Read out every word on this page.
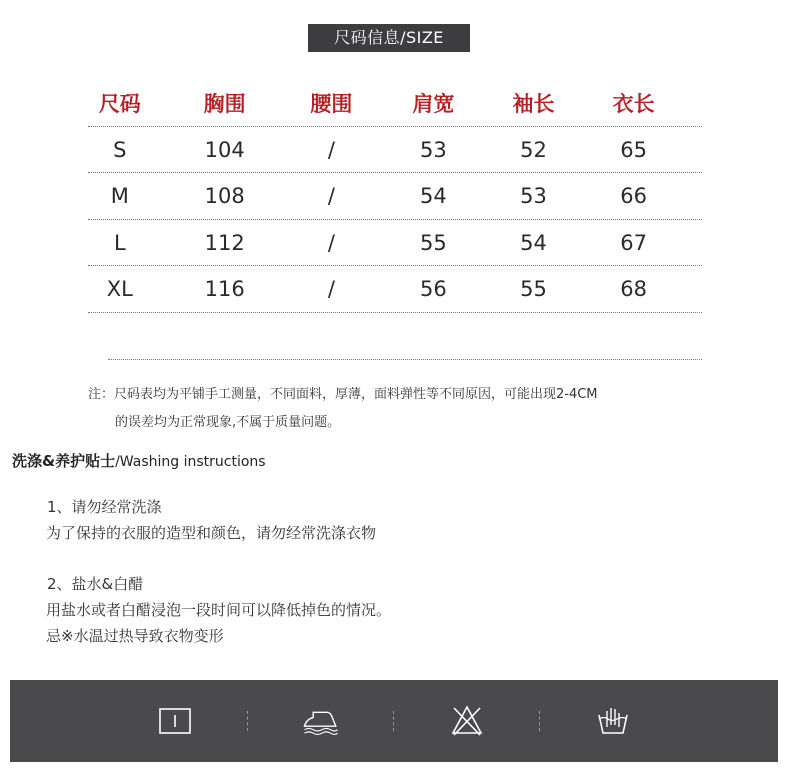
尺码信息/SIZE
尺码	胸围	腰围	肩宽	袖长	衣长
S	104	/	53	52	65
M	108	/	54	53	66
L	112	/	55	54	67
XL	116	/	56	55	68
注：尺码表均为平铺手工测量，不同面料，厚薄，面料弹性等不同原因，可能出现2-4CM
的误差均为正常现象,不属于质量问题。
洗涤&养护贴士/Washing instructions
1、请勿经常洗涤
为了保持的衣服的造型和颜色，请勿经常洗涤衣物
2、盐水&白醋
用盐水或者白醋浸泡一段时间可以降低掉色的情况。
忌※水温过热导致衣物变形
